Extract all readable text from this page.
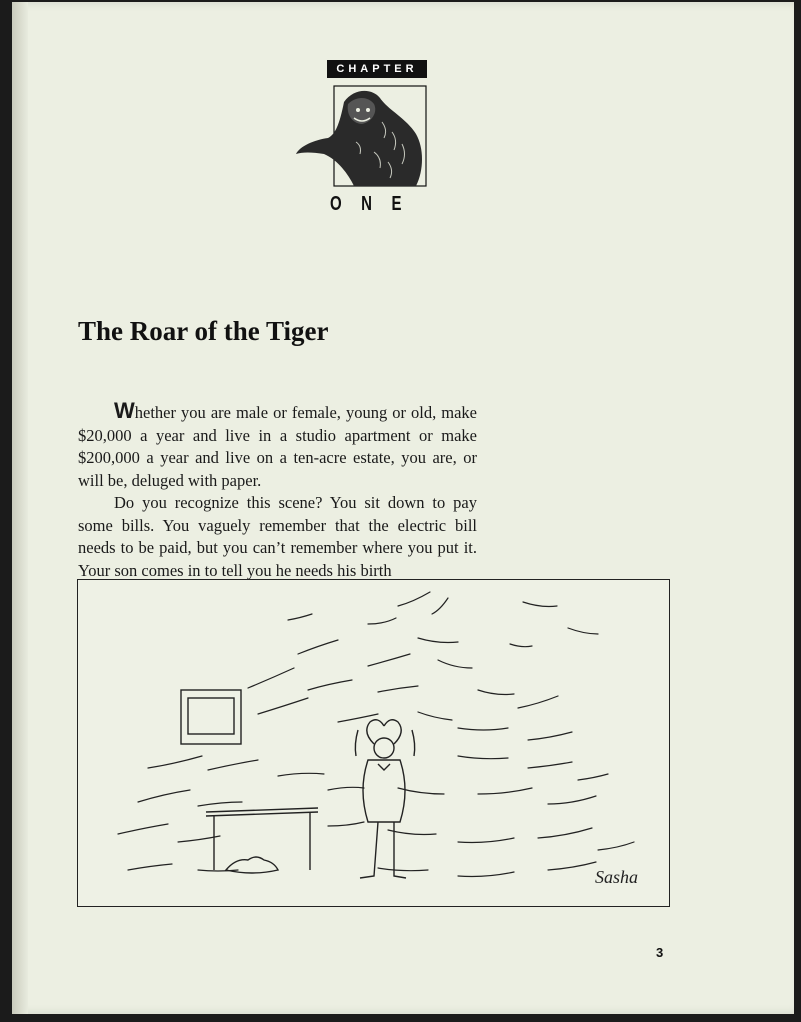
CHAPTER
ONE
The Roar of the Tiger

Whether you are male or female, young or old, make $20,000 a year and live in a studio apartment or make $200,000 a year and live on a ten-acre estate, you are, or will be, deluged with paper.

Do you recognize this scene? You sit down to pay some bills. You vaguely remember that the electric bill needs to be paid, but you can’t remember where you put it. Your son comes in to tell you he needs his birth

Sasha
3
